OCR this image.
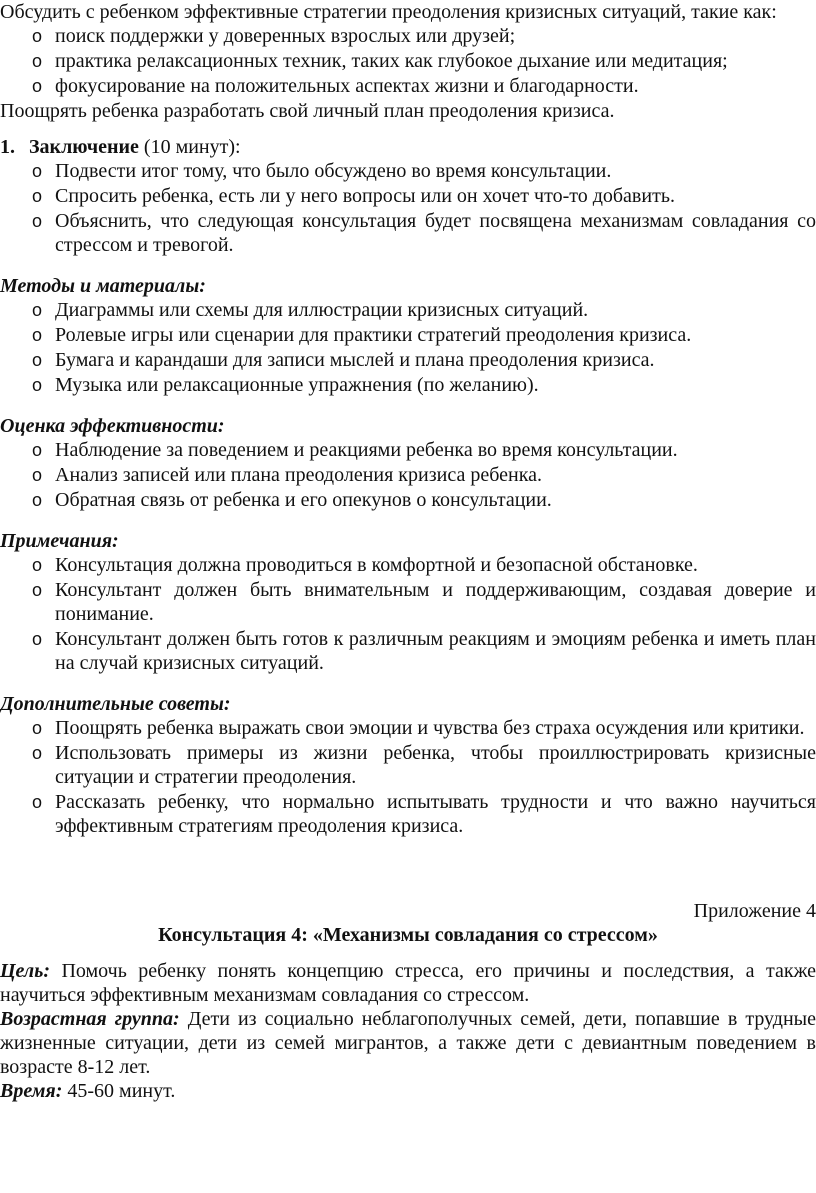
Обсудить с ребенком эффективные стратегии преодоления кризисных ситуаций, такие как:

o поиск поддержки у доверенных взрослых или друзей;
o практика релаксационных техник, таких как глубокое дыхание или медитация;
o фокусирование на положительных аспектах жизни и благодарности.

Поощрять ребенка разработать свой личный план преодоления кризиса.

1. Заключение (10 минут):
o Подвести итог тому, что было обсуждено во время консультации.
o Спросить ребенка, есть ли у него вопросы или он хочет что-то добавить.
o Объяснить, что следующая консультация будет посвящена механизмам совладания со стрессом и тревогой.

Методы и материалы:

o Диаграммы или схемы для иллюстрации кризисных ситуаций.
o Ролевые игры или сценарии для практики стратегий преодоления кризиса.
o Бумага и карандаши для записи мыслей и плана преодоления кризиса.
o Музыка или релаксационные упражнения (по желанию).

Оценка эффективности:

o Наблюдение за поведением и реакциями ребенка во время консультации.
o Анализ записей или плана преодоления кризиса ребенка.
o Обратная связь от ребенка и его опекунов о консультации.

Примечания:

o Консультация должна проводиться в комфортной и безопасной обстановке.
o Консультант должен быть внимательным и поддерживающим, создавая доверие и понимание.
o Консультант должен быть готов к различным реакциям и эмоциям ребенка и иметь план на случай кризисных ситуаций.

Дополнительные советы:

o Поощрять ребенка выражать свои эмоции и чувства без страха осуждения или критики.
o Использовать примеры из жизни ребенка, чтобы проиллюстрировать кризисные ситуации и стратегии преодоления.
o Рассказать ребенку, что нормально испытывать трудности и что важно научиться эффективным стратегиям преодоления кризиса.

Приложение 4

Консультация 4: «Механизмы совладания со стрессом»

Цель: Помочь ребенку понять концепцию стресса, его причины и последствия, а также научиться эффективным механизмам совладания со стрессом.

Возрастная группа: Дети из социально неблагополучных семей, дети, попавшие в трудные жизненные ситуации, дети из семей мигрантов, а также дети с девиантным поведением в возрасте 8-12 лет.

Время: 45-60 минут.
